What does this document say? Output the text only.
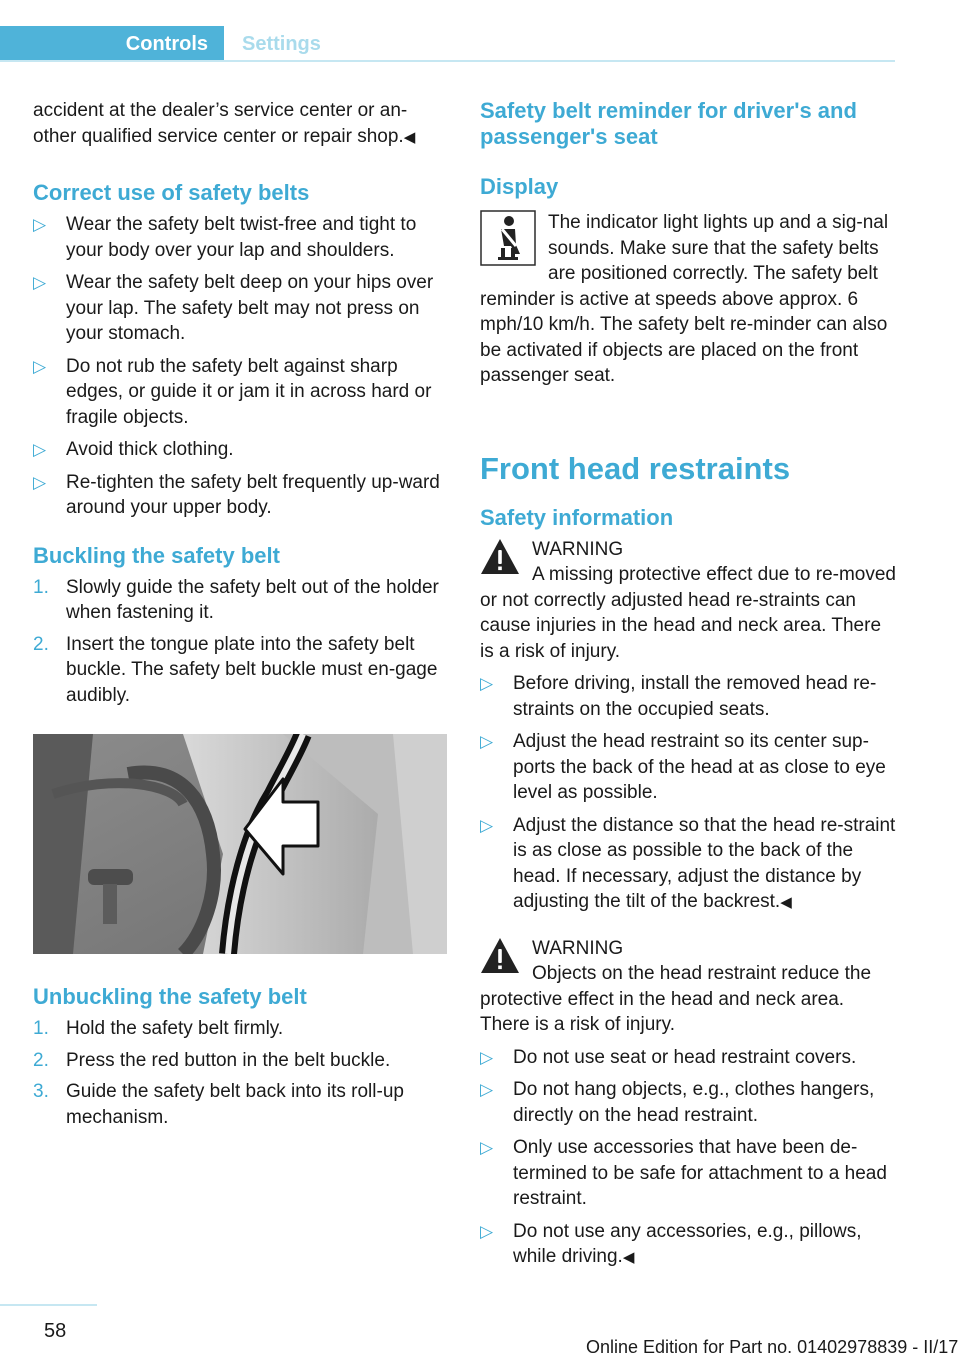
Controls	Settings

accident at the dealer’s service center or an‐other qualified service center or repair shop.◀

Correct use of safety belts
▷ Wear the safety belt twist-free and tight to your body over your lap and shoulders.
▷ Wear the safety belt deep on your hips over your lap. The safety belt may not press on your stomach.
▷ Do not rub the safety belt against sharp edges, or guide it or jam it in across hard or fragile objects.
▷ Avoid thick clothing.
▷ Re-tighten the safety belt frequently up‐ward around your upper body.
Buckling the safety belt
1. Slowly guide the safety belt out of the holder when fastening it.
2. Insert the tongue plate into the safety belt buckle. The safety belt buckle must en‐gage audibly.
Unbuckling the safety belt
1. Hold the safety belt firmly.
2. Press the red button in the belt buckle.
3. Guide the safety belt back into its roll-up mechanism.
Safety belt reminder for driver's and passenger's seat
Display

The indicator light lights up and a sig‐nal sounds. Make sure that the safety belts are positioned correctly. The safety belt reminder is active at speeds above approx. 6 mph/10 km/h. The safety belt re‐minder can also be activated if objects are placed on the front passenger seat.

Front head restraints
Safety information
WARNING

A missing protective effect due to re‐moved or not correctly adjusted head re‐straints can cause injuries in the head and neck area. There is a risk of injury.

▷ Before driving, install the removed head re‐straints on the occupied seats.
▷ Adjust the head restraint so its center sup‐ports the back of the head at as close to eye level as possible.
▷ Adjust the distance so that the head re‐straint is as close as possible to the back of the head. If necessary, adjust the distance by adjusting the tilt of the backrest.◀
WARNING

Objects on the head restraint reduce the protective effect in the head and neck area. There is a risk of injury.

▷ Do not use seat or head restraint covers.
▷ Do not hang objects, e.g., clothes hangers, directly on the head restraint.
▷ Only use accessories that have been de‐termined to be safe for attachment to a head restraint.
▷ Do not use any accessories, e.g., pillows, while driving.◀
58
Online Edition for Part no. 01402978839 - II/17
